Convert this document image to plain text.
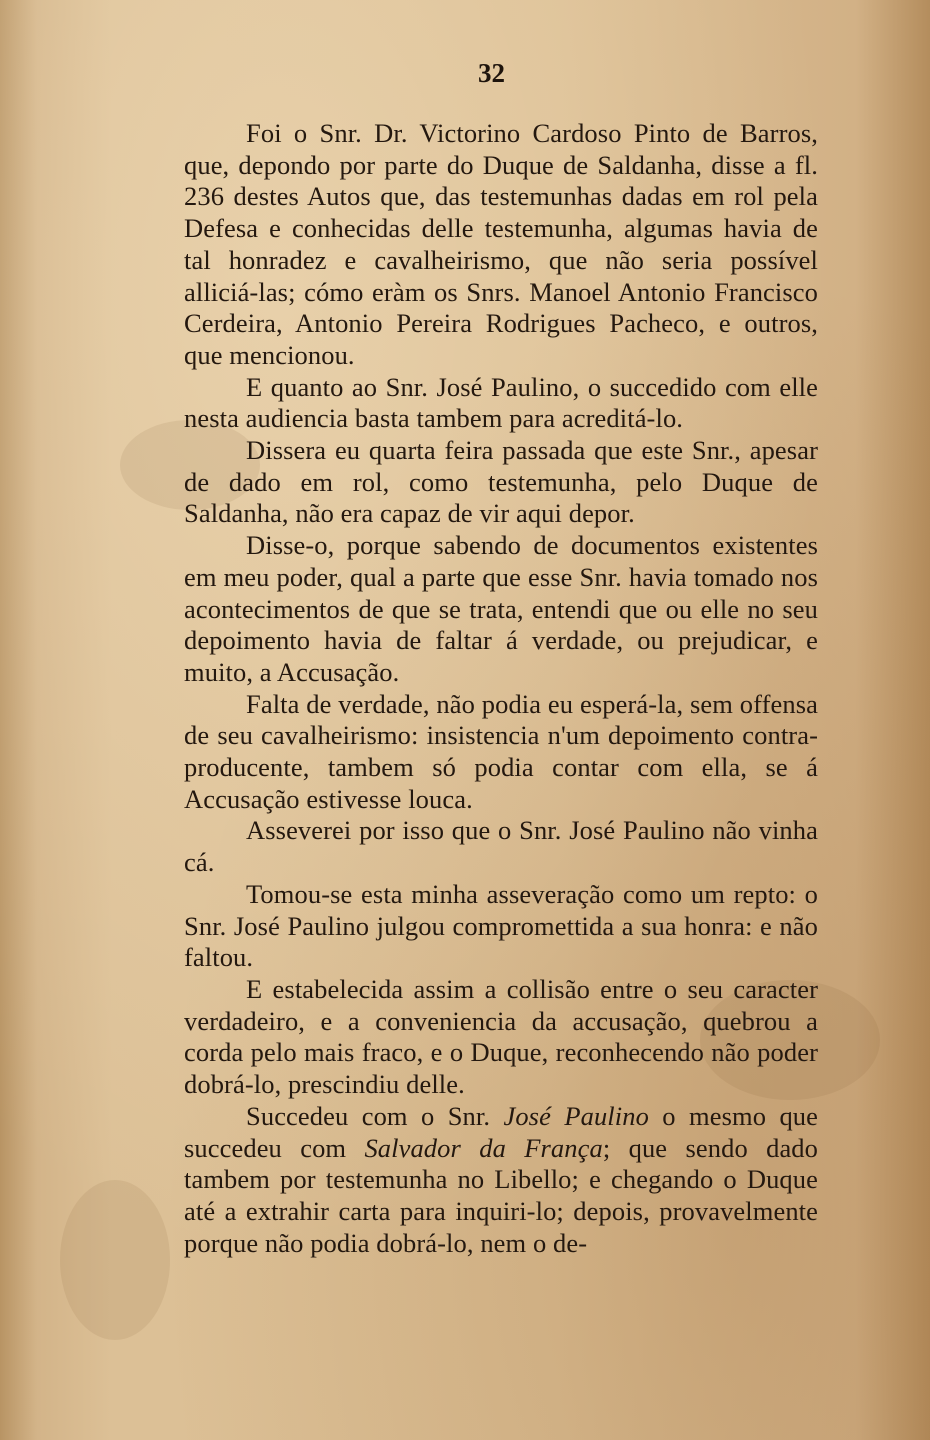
32

Foi o Snr. Dr. Victorino Cardoso Pinto de Barros, que, depondo por parte do Duque de Saldanha, disse a fl. 236 destes Autos que, das testemunhas dadas em rol pela Defesa e conhecidas delle testemunha, algumas havia de tal honradez e cavalheirismo, que não seria possível alliciá-las; cómo eràm os Snrs. Manoel Antonio Francisco Cerdeira, Antonio Pereira Rodrigues Pacheco, e outros, que mencionou.

E quanto ao Snr. José Paulino, o succedido com elle nesta audiencia basta tambem para acreditá-lo.

Dissera eu quarta feira passada que este Snr., apesar de dado em rol, como testemunha, pelo Duque de Saldanha, não era capaz de vir aqui depor.

Disse-o, porque sabendo de documentos existentes em meu poder, qual a parte que esse Snr. havia tomado nos acontecimentos de que se trata, entendi que ou elle no seu depoimento havia de faltar á verdade, ou prejudicar, e muito, a Accusação.

Falta de verdade, não podia eu esperá-la, sem offensa de seu cavalheirismo: insistencia n'um depoimento contra-producente, tambem só podia contar com ella, se á Accusação estivesse louca.

Asseverei por isso que o Snr. José Paulino não vinha cá.

Tomou-se esta minha asseveração como um repto: o Snr. José Paulino julgou compromettida a sua honra: e não faltou.

E estabelecida assim a collisão entre o seu caracter verdadeiro, e a conveniencia da accusação, quebrou a corda pelo mais fraco, e o Duque, reconhecendo não poder dobrá-lo, prescindiu delle.

Succedeu com o Snr. José Paulino o mesmo que succedeu com Salvador da França; que sendo dado tambem por testemunha no Libello; e chegando o Duque até a extrahir carta para inquiri-lo; depois, provavelmente porque não podia dobrá-lo, nem o de-
